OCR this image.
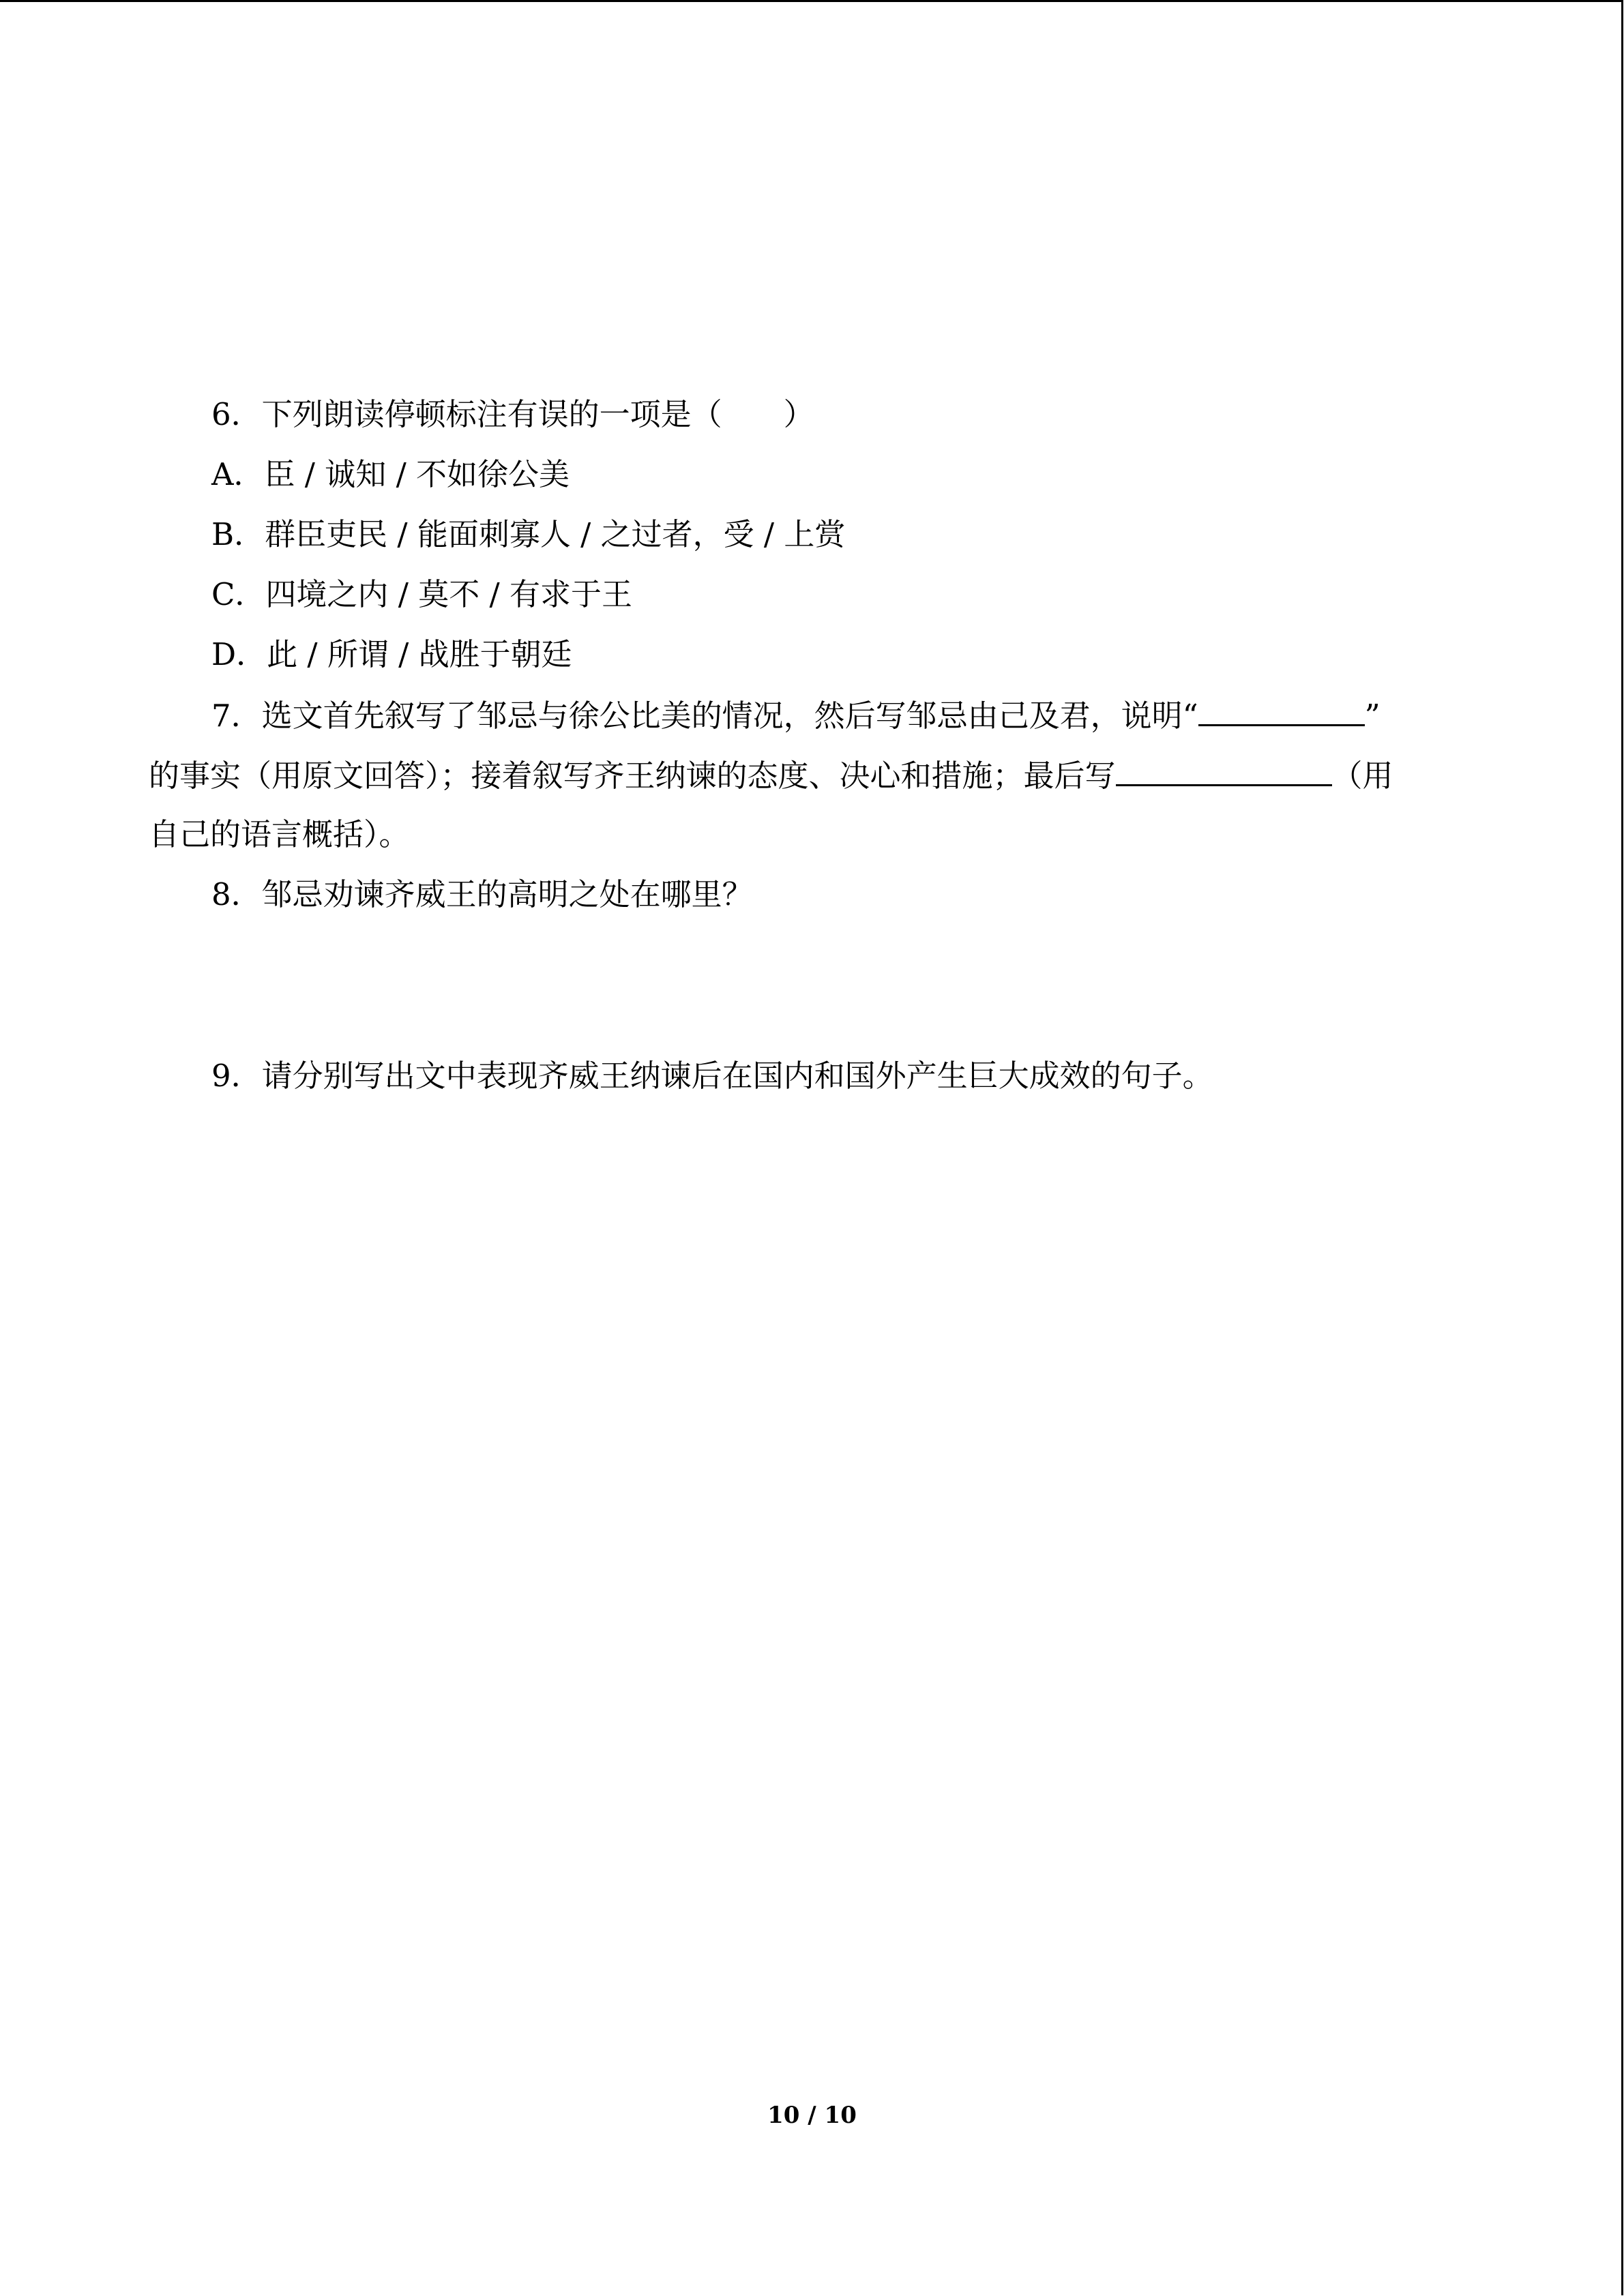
6．下列朗读停顿标注有误的一项是（　　）
A．臣 / 诚知 / 不如徐公美
B．群臣吏民 / 能面刺寡人 / 之过者，受 / 上赏
C．四境之内 / 莫不 / 有求于王
D．此 / 所谓 / 战胜于朝廷
7．选文首先叙写了邹忌与徐公比美的情况，然后写邹忌由己及君，说明“	”
的事实（用原文回答）；接着叙写齐王纳谏的态度、决心和措施；最后写	（用
自己的语言概括）。
8．邹忌劝谏齐威王的高明之处在哪里？
9．请分别写出文中表现齐威王纳谏后在国内和国外产生巨大成效的句子。
10 / 10
